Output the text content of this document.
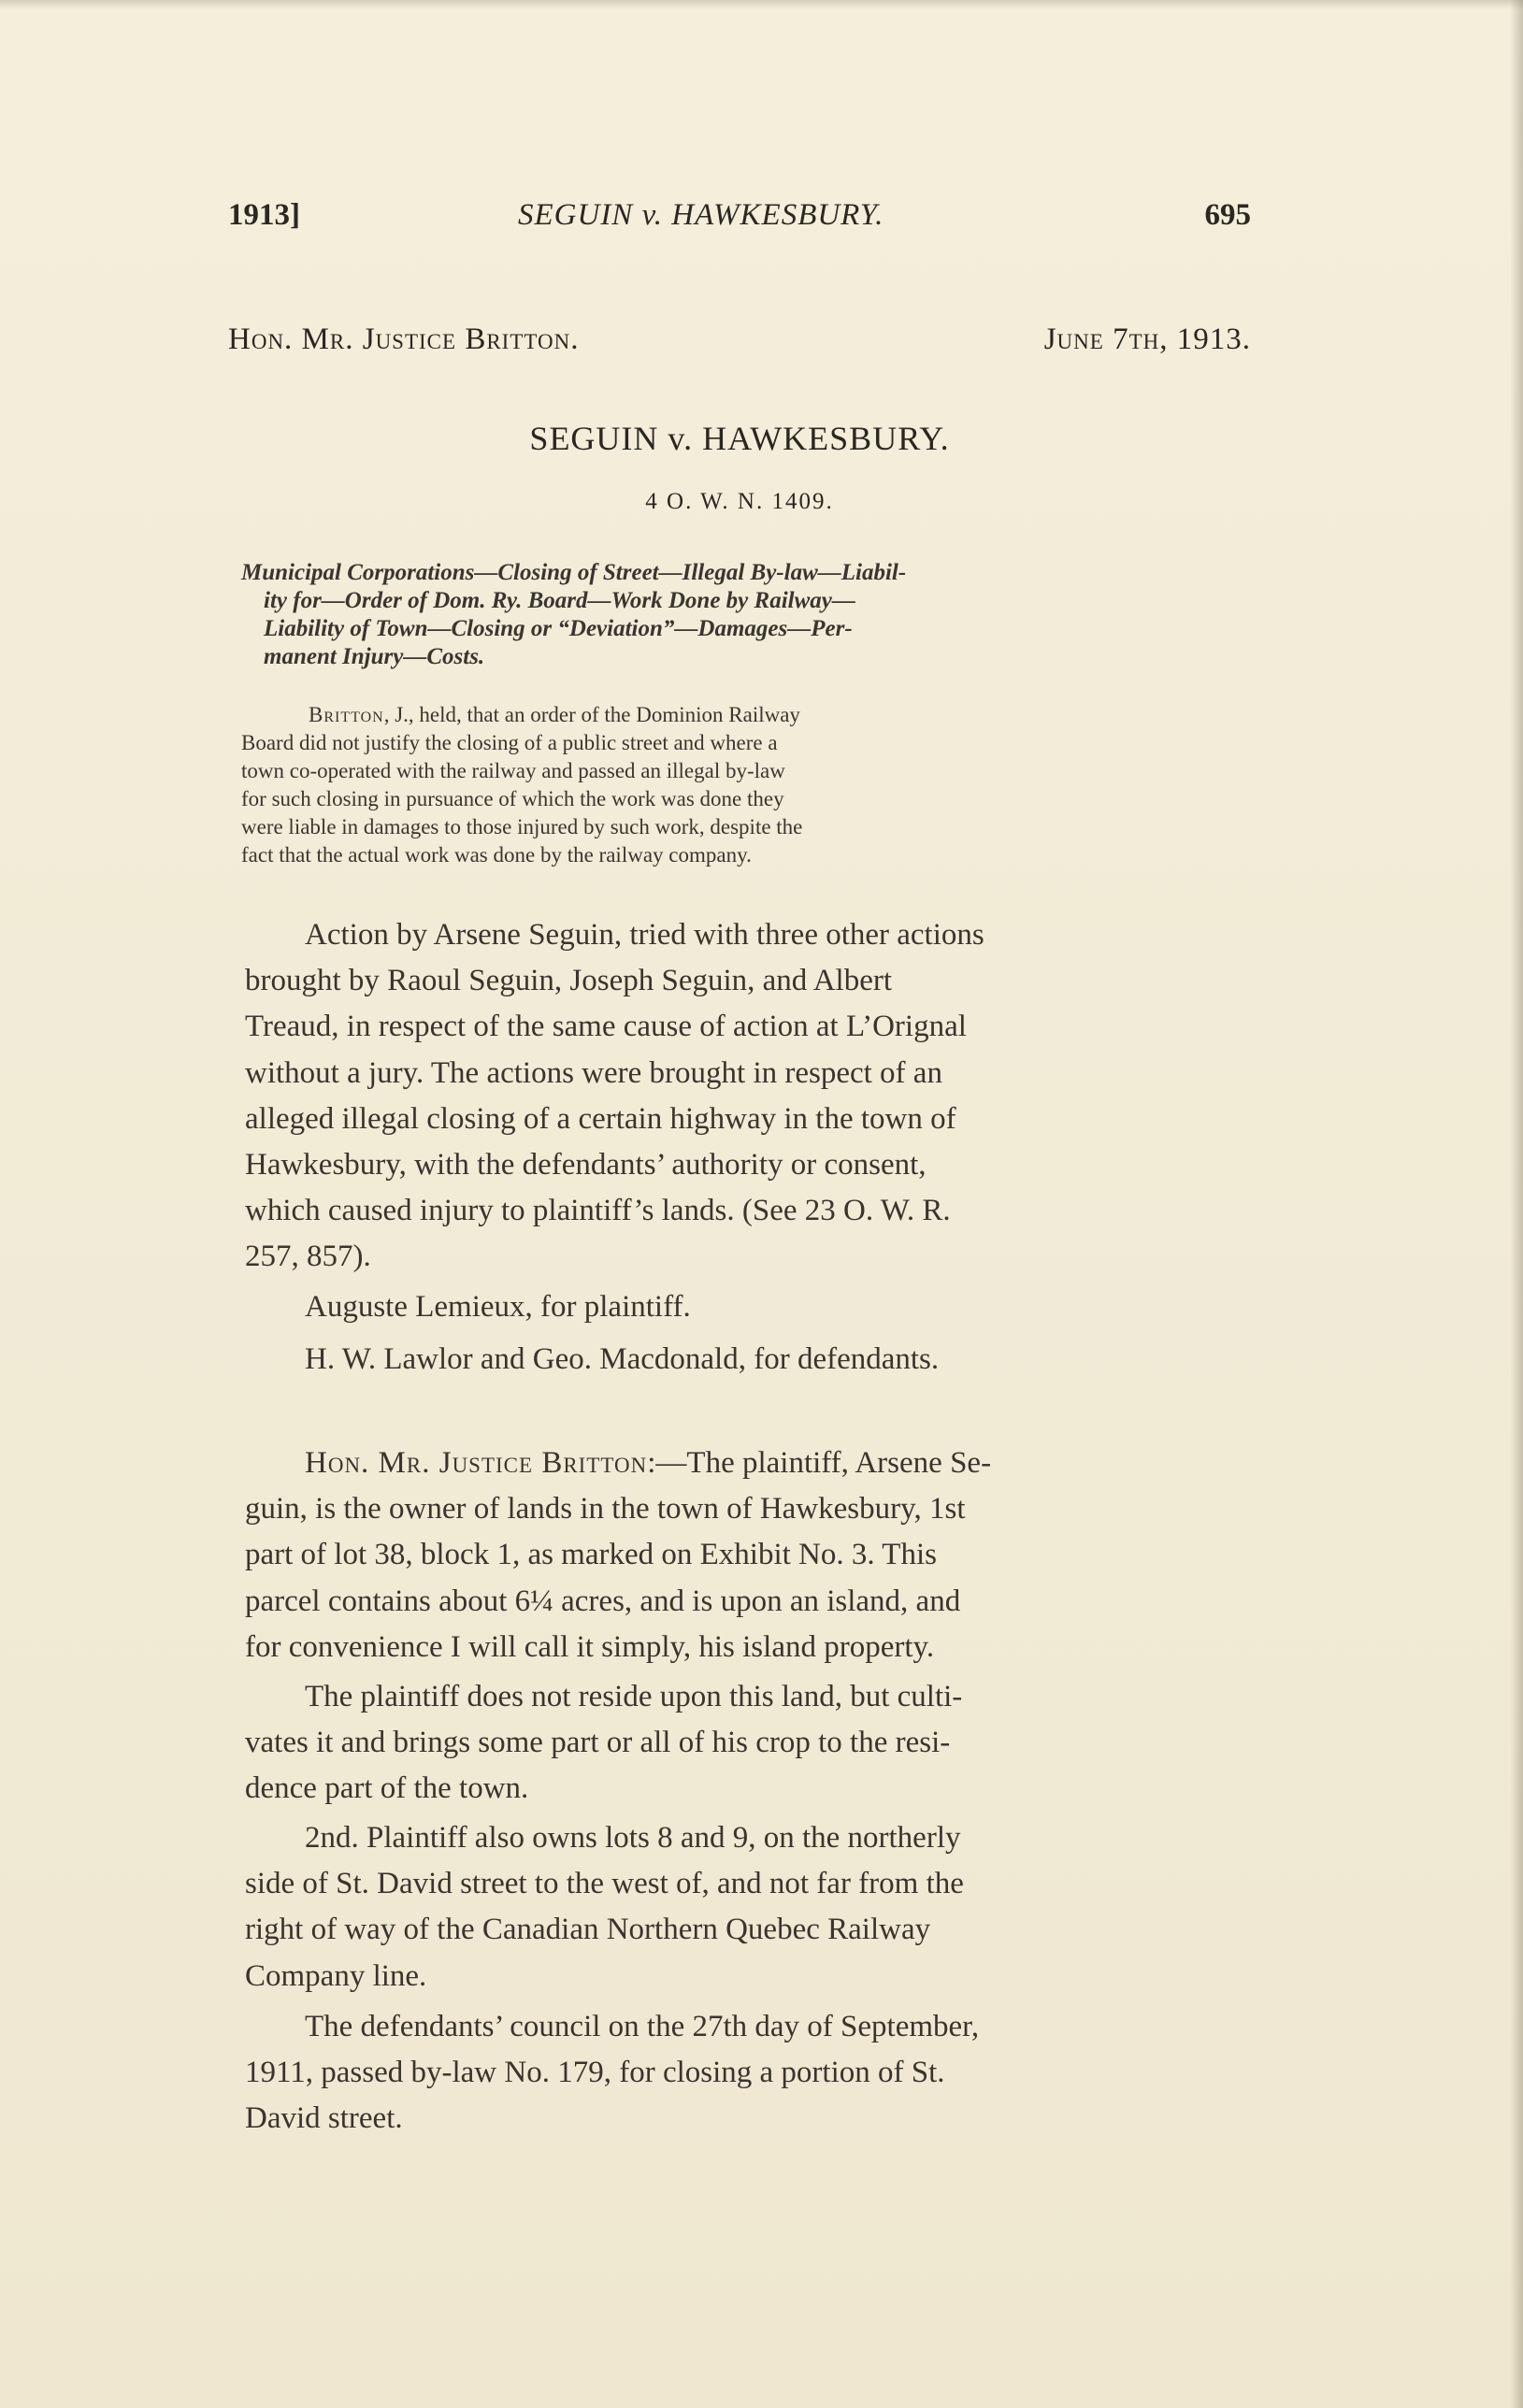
1913]	SEGUIN v. HAWKESBURY.	695
Hon. Mr. Justice Britton.	June 7th, 1913.
SEGUIN v. HAWKESBURY.
4 O. W. N. 1409.
Municipal Corporations—Closing of Street—Illegal By-law—Liabil-
ity for—Order of Dom. Ry. Board—Work Done by Railway—
Liability of Town—Closing or “Deviation”—Damages—Per-
manent Injury—Costs.
Britton, J., held, that an order of the Dominion Railway
Board did not justify the closing of a public street and where a
town co-operated with the railway and passed an illegal by-law
for such closing in pursuance of which the work was done they
were liable in damages to those injured by such work, despite the
fact that the actual work was done by the railway company.
Action by Arsene Seguin, tried with three other actions
brought by Raoul Seguin, Joseph Seguin, and Albert
Treaud, in respect of the same cause of action at L’Orignal
without a jury. The actions were brought in respect of an
alleged illegal closing of a certain highway in the town of
Hawkesbury, with the defendants’ authority or consent,
which caused injury to plaintiff’s lands. (See 23 O. W. R.
257, 857).
Auguste Lemieux, for plaintiff.
H. W. Lawlor and Geo. Macdonald, for defendants.
Hon. Mr. Justice Britton:—The plaintiff, Arsene Se-
guin, is the owner of lands in the town of Hawkesbury, 1st
part of lot 38, block 1, as marked on Exhibit No. 3. This
parcel contains about 6¼ acres, and is upon an island, and
for convenience I will call it simply, his island property.
The plaintiff does not reside upon this land, but culti-
vates it and brings some part or all of his crop to the resi-
dence part of the town.
2nd. Plaintiff also owns lots 8 and 9, on the northerly
side of St. David street to the west of, and not far from the
right of way of the Canadian Northern Quebec Railway
Company line.
The defendants’ council on the 27th day of September,
1911, passed by-law No. 179, for closing a portion of St.
David street.
